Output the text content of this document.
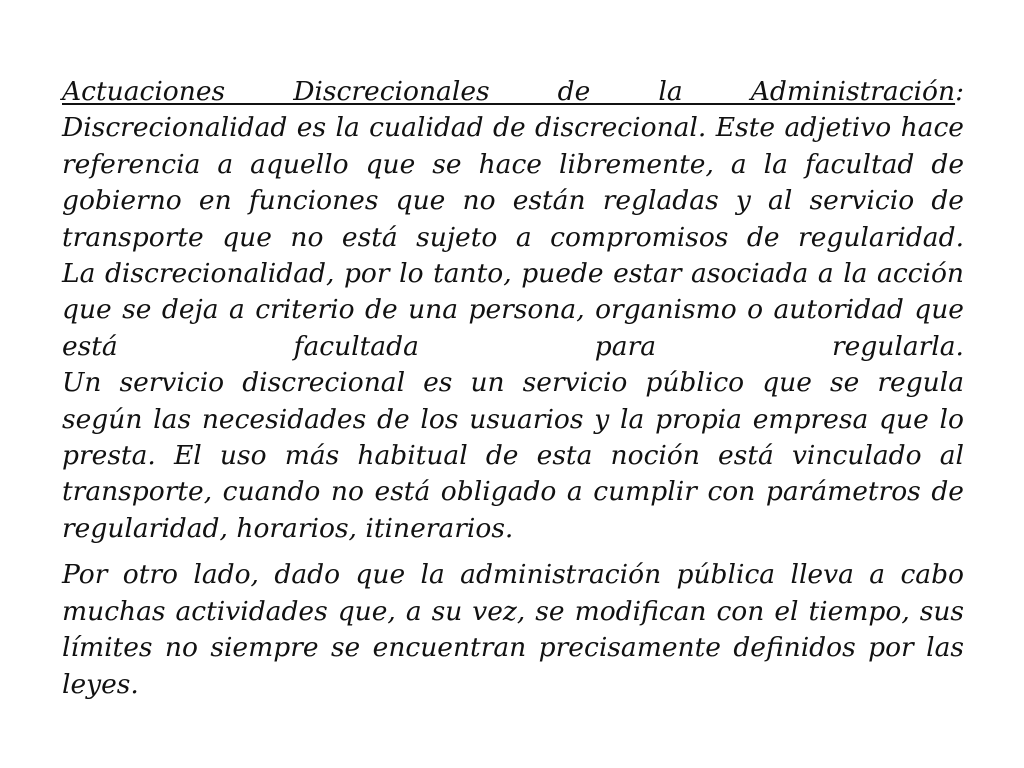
Actuaciones Discrecionales de la Administración:
Discrecionalidad es la cualidad de discrecional. Este adjetivo hace referencia a aquello que se hace libremente, a la facultad de gobierno en funciones que no están regladas y al servicio de transporte que no está sujeto a compromisos de regularidad.
La discrecionalidad, por lo tanto, puede estar asociada a la acción que se deja a criterio de una persona, organismo o autoridad que está facultada para regularla.
Un servicio discrecional es un servicio público que se regula según las necesidades de los usuarios y la propia empresa que lo presta. El uso más habitual de esta noción está vinculado al transporte, cuando no está obligado a cumplir con parámetros de regularidad, horarios, itinerarios.

Por otro lado, dado que la administración pública lleva a cabo muchas actividades que, a su vez, se modifican con el tiempo, sus límites no siempre se encuentran precisamente definidos por las leyes.
